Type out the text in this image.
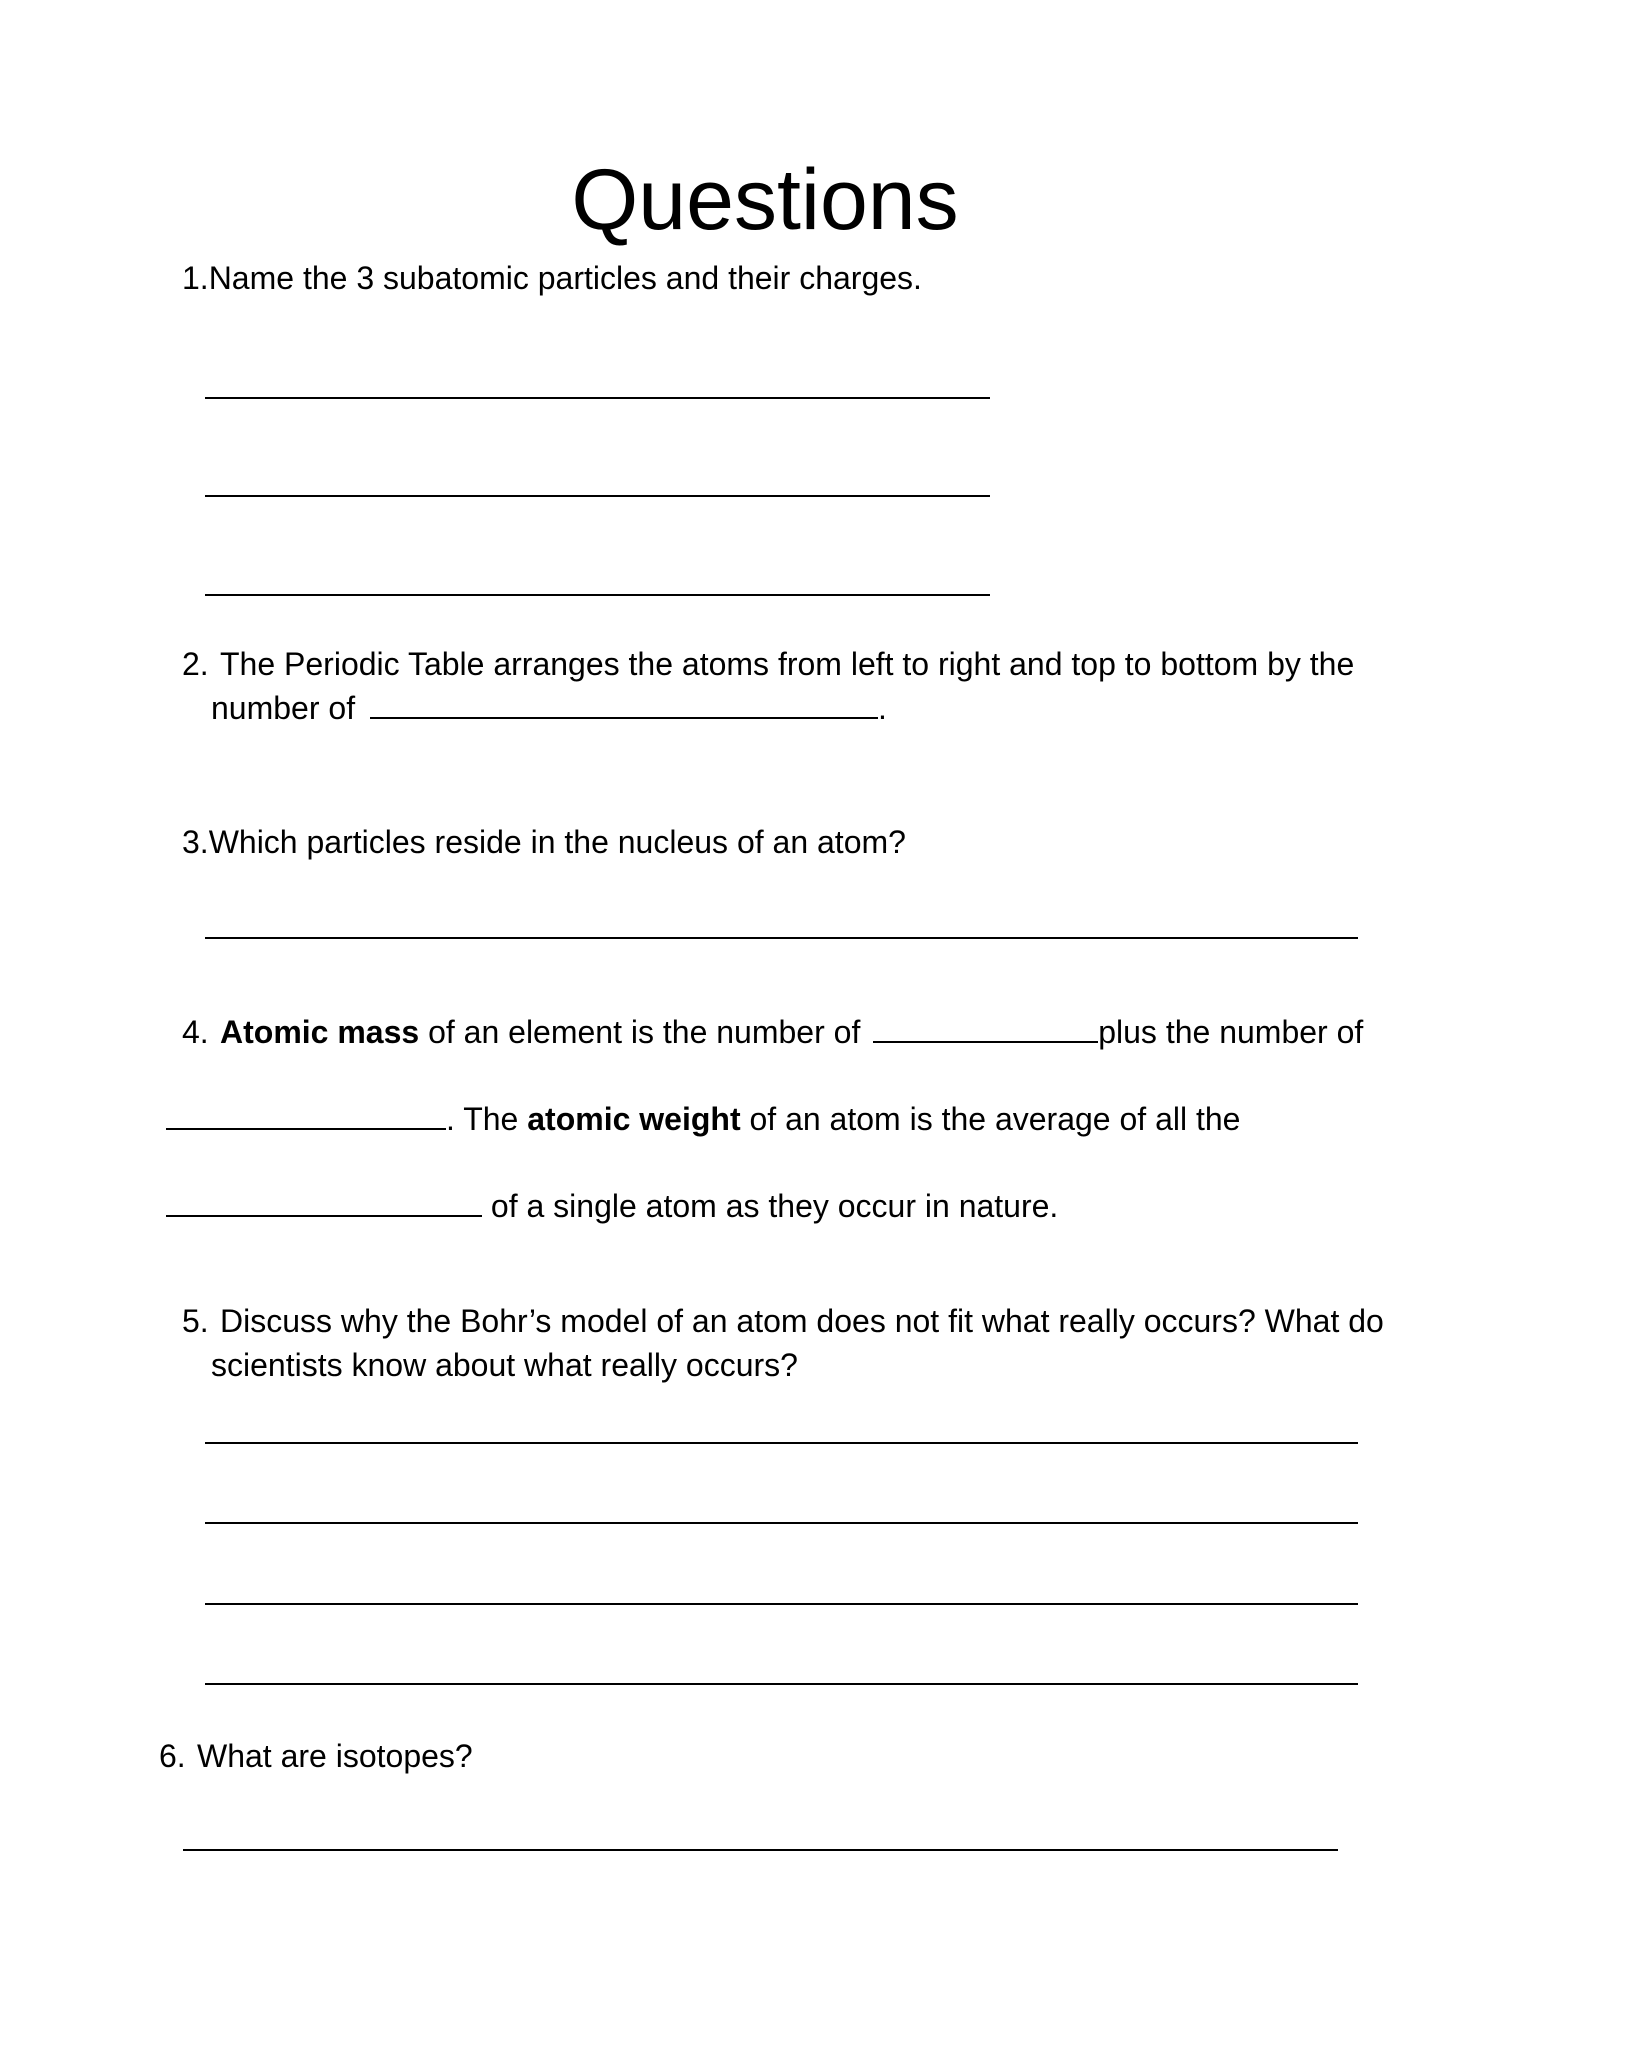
Questions
1.Name the 3 subatomic particles and their charges.
2. The Periodic Table arranges the atoms from left to right and top to bottom by the
number of	.
3.Which particles reside in the nucleus of an atom?
4. Atomic mass of an element is the number of	plus the number of
. The atomic weight of an atom is the average of all the
of a single atom as they occur in nature.
5. Discuss why the Bohr’s model of an atom does not fit what really occurs? What do
scientists know about what really occurs?
6. What are isotopes?
